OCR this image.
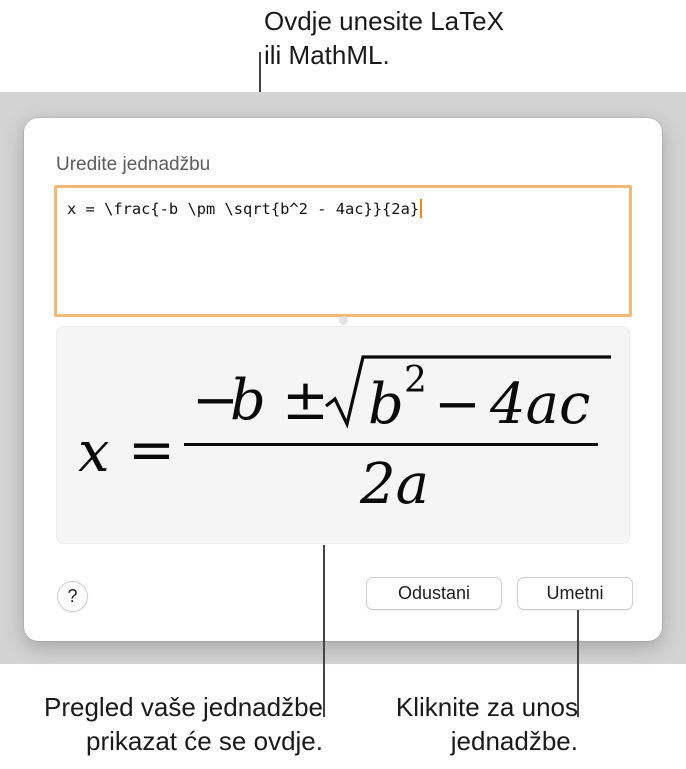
Ovdje unesite LaTeX
ili MathML.
Uredite jednadžbu
x = \frac{-b \pm \sqrt{b^2 - 4ac}}{2a}
x =
−
b ± b 2 − 4ac
2a
?	Odustani	Umetni
Pregled vaše jednadžbe
prikazat će se ovdje.
Kliknite za unos
jednadžbe.
